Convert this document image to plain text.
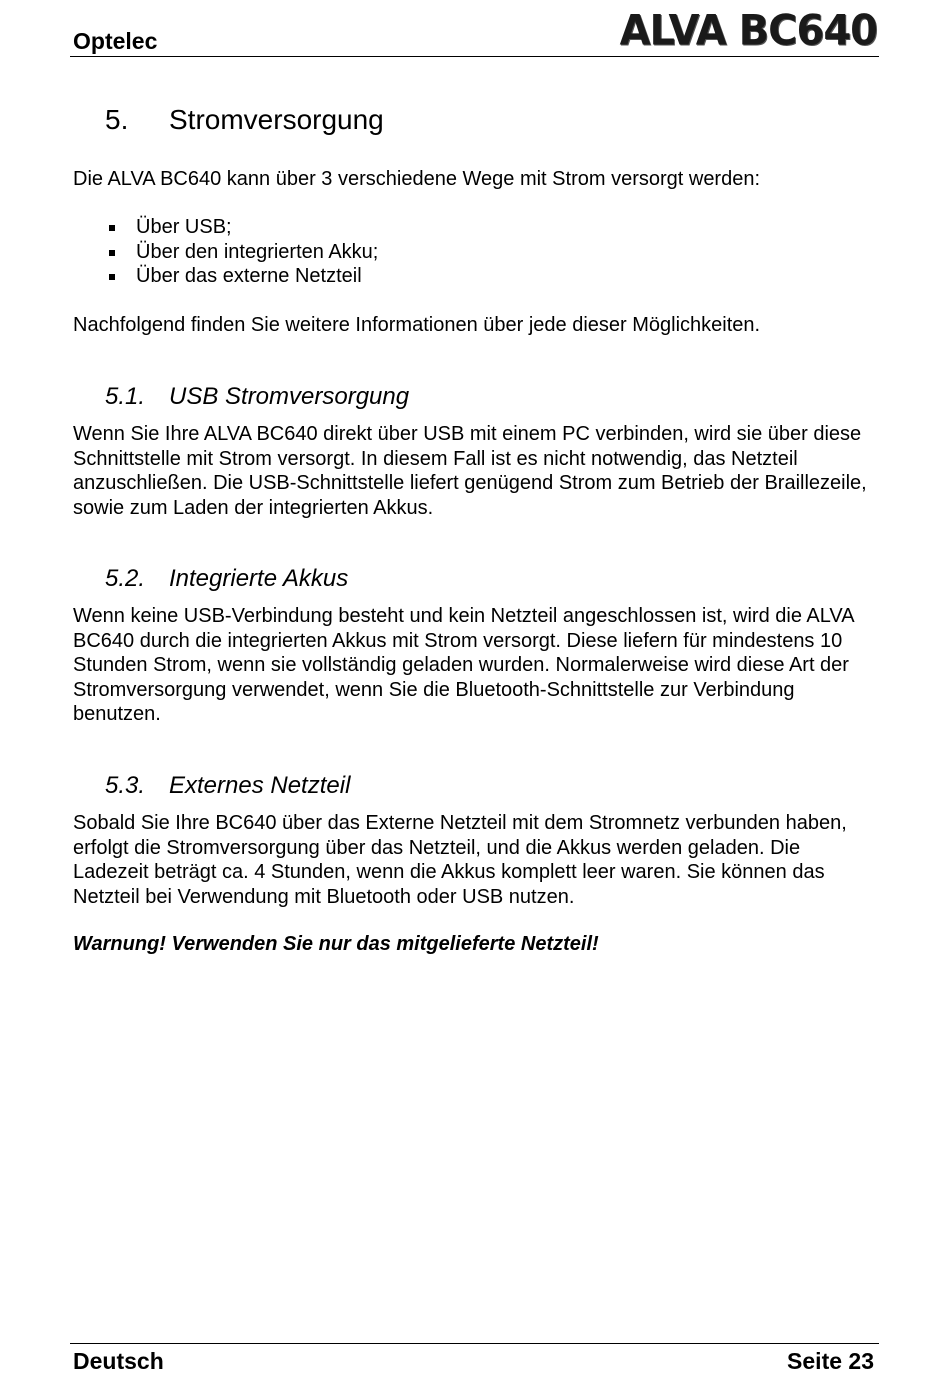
Optelec	ALVA BC640
5. Stromversorgung

Die ALVA BC640 kann über 3 verschiedene Wege mit Strom versorgt werden:

Über USB;
Über den integrierten Akku;
Über das externe Netzteil

Nachfolgend finden Sie weitere Informationen über jede dieser Möglichkeiten.

5.1. USB Stromversorgung

Wenn Sie Ihre ALVA BC640 direkt über USB mit einem PC verbinden, wird sie über diese Schnittstelle mit Strom versorgt. In diesem Fall ist es nicht notwendig, das Netzteil anzuschließen. Die USB-Schnittstelle liefert genügend Strom zum Betrieb der Braillezeile, sowie zum Laden der integrierten Akkus.

5.2. Integrierte Akkus

Wenn keine USB-Verbindung besteht und kein Netzteil angeschlossen ist, wird die ALVA BC640 durch die integrierten Akkus mit Strom versorgt. Diese liefern für mindestens 10 Stunden Strom, wenn sie vollständig geladen wurden. Normalerweise wird diese Art der Stromversorgung verwendet, wenn Sie die Bluetooth-Schnittstelle zur Verbindung benutzen.

5.3. Externes Netzteil

Sobald Sie Ihre BC640 über das Externe Netzteil mit dem Stromnetz verbunden haben, erfolgt die Stromversorgung über das Netzteil, und die Akkus werden geladen. Die Ladezeit beträgt ca. 4 Stunden, wenn die Akkus komplett leer waren. Sie können das Netzteil bei Verwendung mit Bluetooth oder USB nutzen.

Warnung! Verwenden Sie nur das mitgelieferte Netzteil!

Deutsch	Seite 23
